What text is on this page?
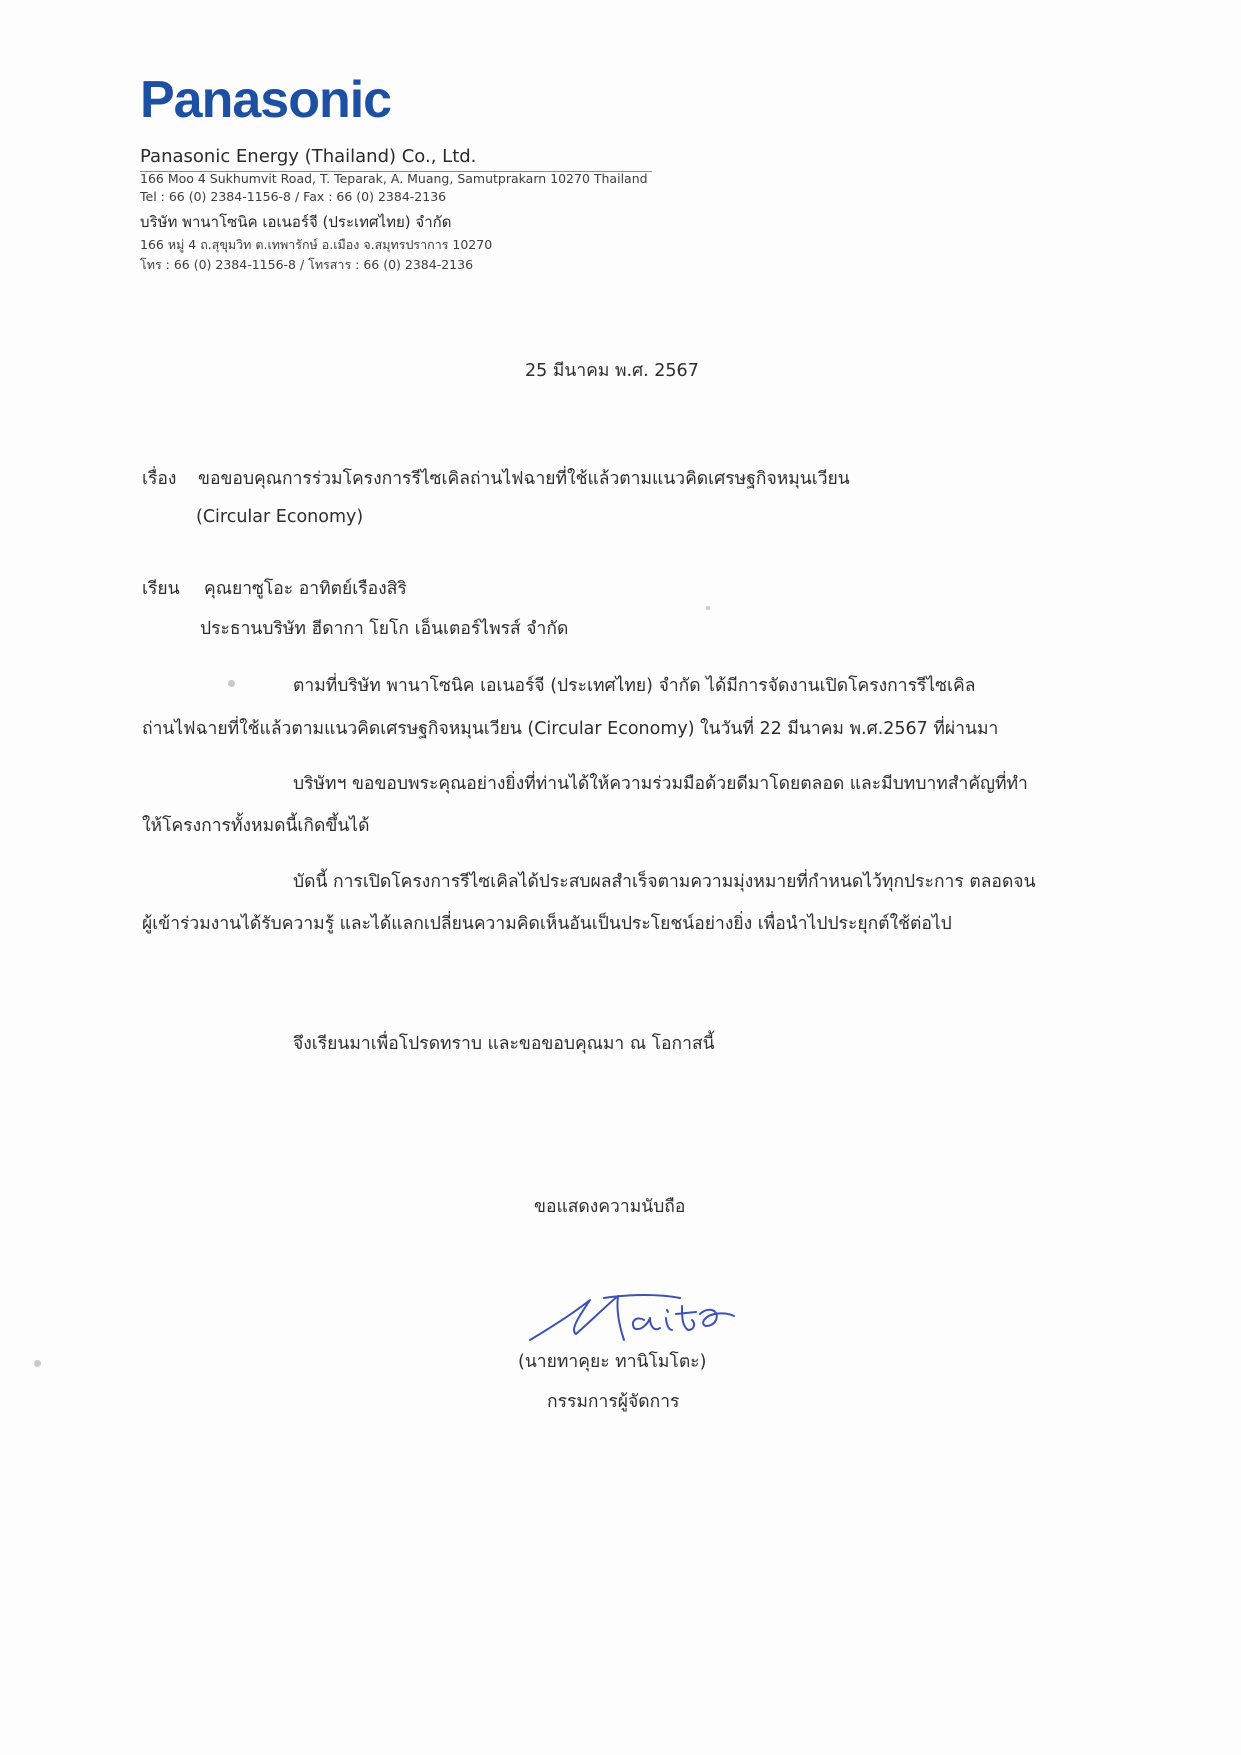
Panasonic
Panasonic Energy (Thailand) Co., Ltd.
166 Moo 4 Sukhumvit Road, T. Teparak, A. Muang, Samutprakarn 10270 Thailand
Tel : 66 (0) 2384-1156-8 / Fax : 66 (0) 2384-2136
บริษัท พานาโซนิค เอเนอร์จี (ประเทศไทย) จำกัด
166 หมู่ 4 ถ.สุขุมวิท ต.เทพารักษ์ อ.เมือง จ.สมุทรปราการ 10270
โทร : 66 (0) 2384-1156-8 / โทรสาร : 66 (0) 2384-2136
25 มีนาคม พ.ศ. 2567
เรื่อง ขอขอบคุณการร่วมโครงการรีไซเคิลถ่านไฟฉายที่ใช้แล้วตามแนวคิดเศรษฐกิจหมุนเวียน
(Circular Economy)
เรียน คุณยาซูโอะ อาทิตย์เรืองสิริ
ประธานบริษัท ฮีดากา โยโก เอ็นเตอร์ไพรส์ จำกัด
ตามที่บริษัท พานาโซนิค เอเนอร์จี (ประเทศไทย) จำกัด ได้มีการจัดงานเปิดโครงการรีไซเคิล
ถ่านไฟฉายที่ใช้แล้วตามแนวคิดเศรษฐกิจหมุนเวียน (Circular Economy) ในวันที่ 22 มีนาคม พ.ศ.2567 ที่ผ่านมา
บริษัทฯ ขอขอบพระคุณอย่างยิ่งที่ท่านได้ให้ความร่วมมือด้วยดีมาโดยตลอด และมีบทบาทสำคัญที่ทำ
ให้โครงการทั้งหมดนี้เกิดขึ้นได้
บัดนี้ การเปิดโครงการรีไซเคิลได้ประสบผลสำเร็จตามความมุ่งหมายที่กำหนดไว้ทุกประการ ตลอดจน
ผู้เข้าร่วมงานได้รับความรู้ และได้แลกเปลี่ยนความคิดเห็นอันเป็นประโยชน์อย่างยิ่ง เพื่อนำไปประยุกต์ใช้ต่อไป
จึงเรียนมาเพื่อโปรดทราบ และขอขอบคุณมา ณ โอกาสนี้
ขอแสดงความนับถือ
(นายทาคุยะ ทานิโมโตะ)
กรรมการผู้จัดการ
